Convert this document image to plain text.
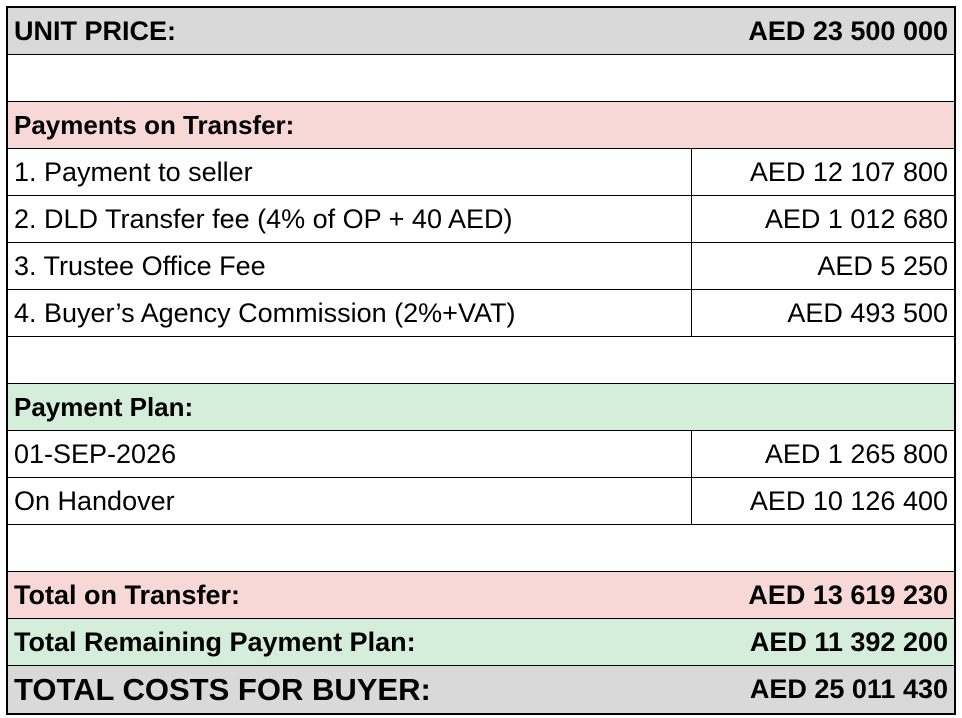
UNIT PRICE:	AED 23 500 000
Payments on Transfer:
1. Payment to seller	AED 12 107 800
2. DLD Transfer fee (4% of OP + 40 AED)	AED 1 012 680
3. Trustee Office Fee	AED 5 250
4. Buyer’s Agency Commission (2%+VAT)	AED 493 500
Payment Plan:
01-SEP-2026	AED 1 265 800
On Handover	AED 10 126 400
Total on Transfer:	AED 13 619 230
Total Remaining Payment Plan:	AED 11 392 200
TOTAL COSTS FOR BUYER:	AED 25 011 430
